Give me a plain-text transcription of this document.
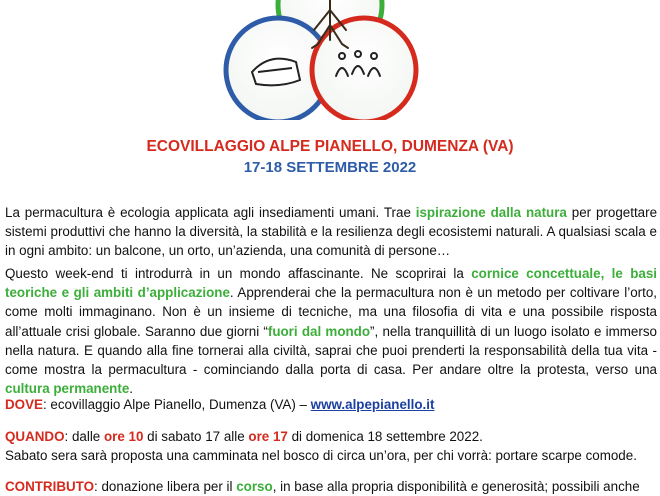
ECOVILLAGGIO ALPE PIANELLO, DUMENZA (VA)
17-18 SETTEMBRE 2022

La permacultura è ecologia applicata agli insediamenti umani. Trae ispirazione dalla natura per progettare sistemi produttivi che hanno la diversità, la stabilità e la resilienza degli ecosistemi naturali. A qualsiasi scala e in ogni ambito: un balcone, un orto, un’azienda, una comunità di persone…

Questo week-end ti introdurrà in un mondo affascinante. Ne scoprirai la cornice concettuale, le basi teoriche e gli ambiti d’applicazione. Apprenderai che la permacultura non è un metodo per coltivare l’orto, come molti immaginano. Non è un insieme di tecniche, ma una filosofia di vita e una possibile risposta all’attuale crisi globale. Saranno due giorni “fuori dal mondo”, nella tranquillità di un luogo isolato e immerso nella natura. E quando alla fine tornerai alla civiltà, saprai che puoi prenderti la responsabilità della tua vita - come mostra la permacultura - cominciando dalla porta di casa. Per andare oltre la protesta, verso una cultura permanente.

DOVE: ecovillaggio Alpe Pianello, Dumenza (VA) – www.alpepianello.it
QUANDO: dalle ore 10 di sabato 17 alle ore 17 di domenica 18 settembre 2022.
Sabato sera sarà proposta una camminata nel bosco di circa un’ora, per chi vorrà: portare scarpe comode.
CONTRIBUTO: donazione libera per il corso, in base alla propria disponibilità e generosità; possibili anche
